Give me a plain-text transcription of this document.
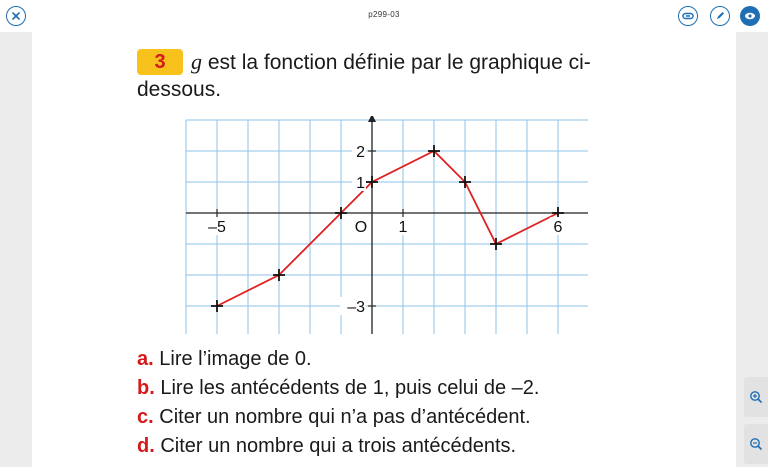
p299-03
3 g est la fonction définie par le graphique ci-dessous.
–5	1	6
O
2
1
–3
a. Lire l’image de 0.
b. Lire les antécédents de 1, puis celui de –2.
c. Citer un nombre qui n’a pas d’antécédent.
d. Citer un nombre qui a trois antécédents.
